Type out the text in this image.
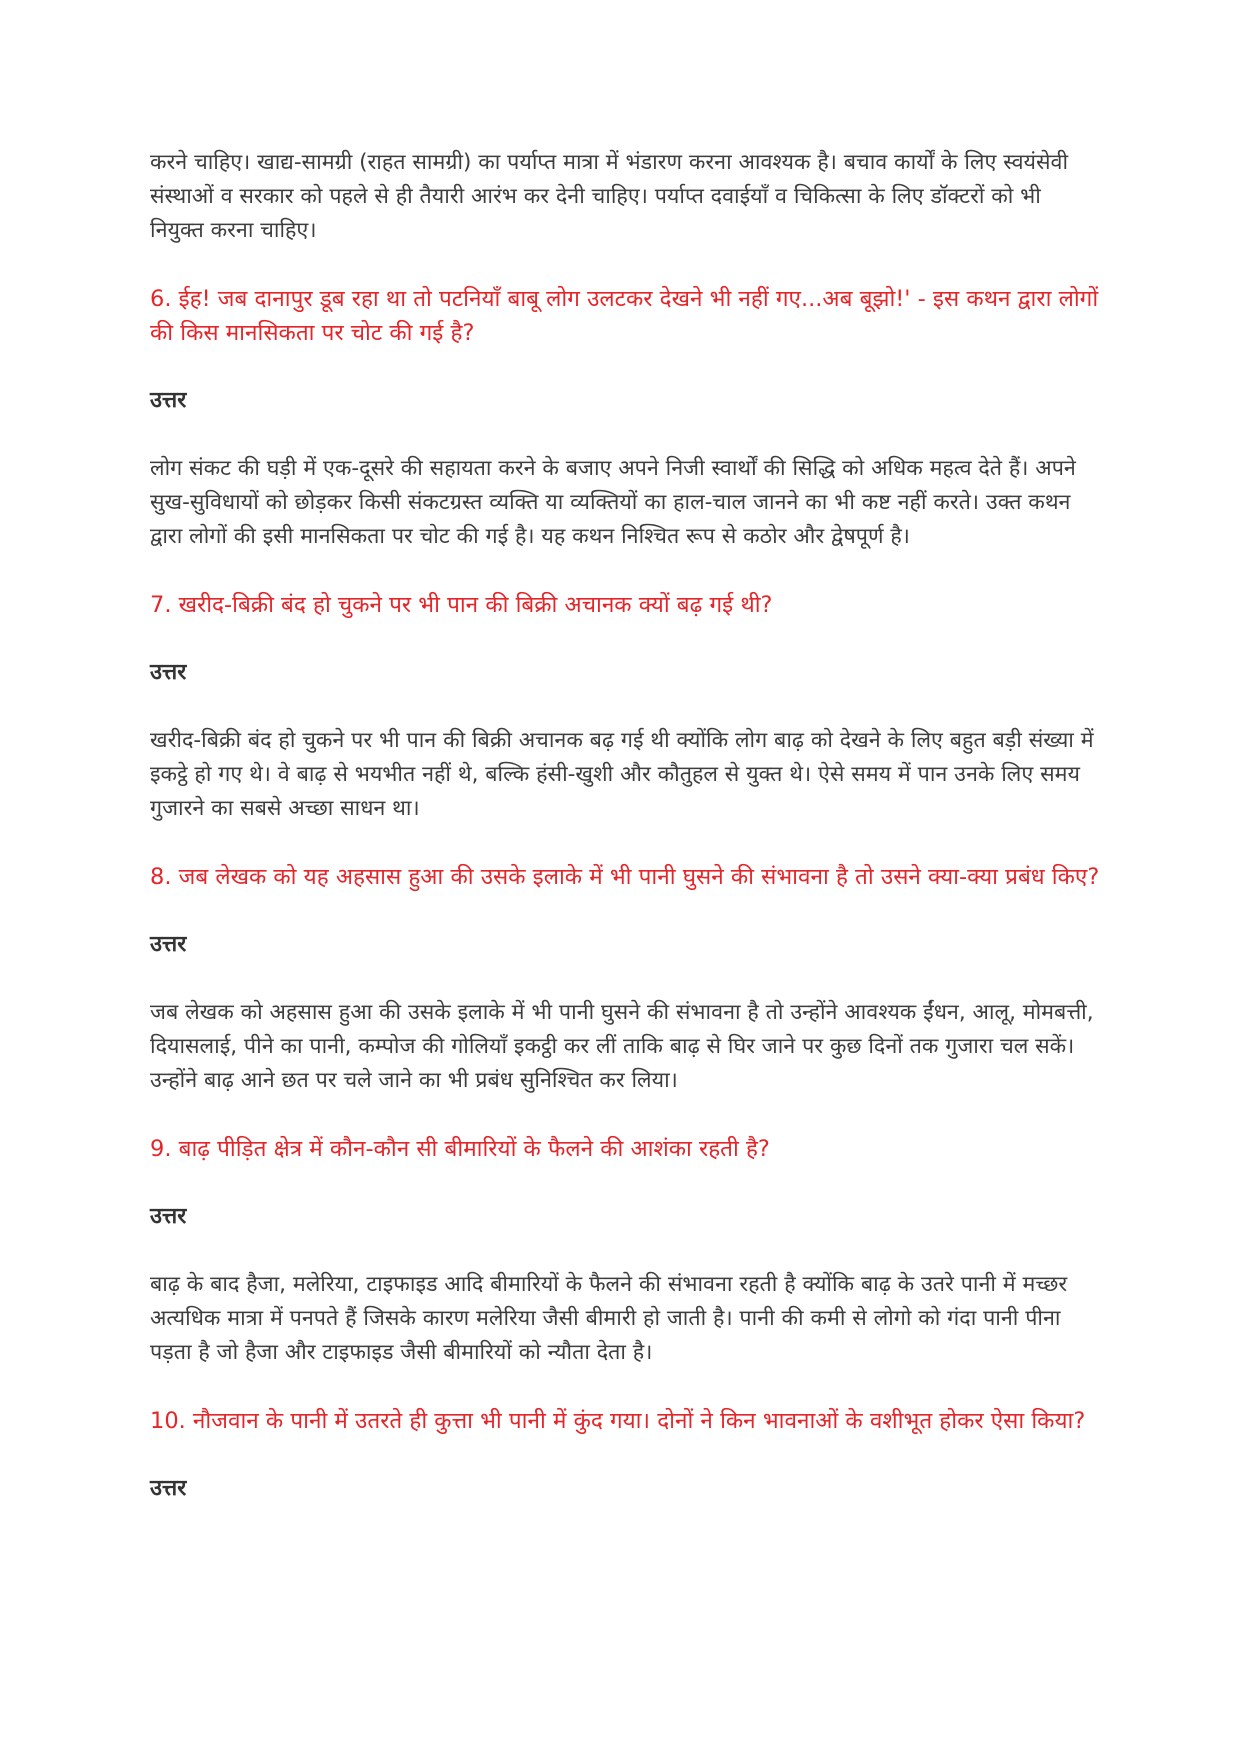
करने चाहिए। खाद्य-सामग्री (राहत सामग्री) का पर्याप्त मात्रा में भंडारण करना आवश्यक है। बचाव कार्यों के लिए स्वयंसेवी संस्थाओं व सरकार को पहले से ही तैयारी आरंभ कर देनी चाहिए। पर्याप्त दवाईयाँ व चिकित्सा के लिए डॉक्टरों को भी नियुक्त करना चाहिए।

6. ईह! जब दानापुर डूब रहा था तो पटनियाँ बाबू लोग उलटकर देखने भी नहीं गए...अब बूझो!' - इस कथन द्वारा लोगों की किस मानसिकता पर चोट की गई है?

उत्तर

लोग संकट की घड़ी में एक-दूसरे की सहायता करने के बजाए अपने निजी स्वार्थों की सिद्धि को अधिक महत्व देते हैं। अपने सुख-सुविधायों को छोड़कर किसी संकटग्रस्त व्यक्ति या व्यक्तियों का हाल-चाल जानने का भी कष्ट नहीं करते। उक्त कथन द्वारा लोगों की इसी मानसिकता पर चोट की गई है। यह कथन निश्चित रूप से कठोर और द्वेषपूर्ण है।

7. खरीद-बिक्री बंद हो चुकने पर भी पान की बिक्री अचानक क्यों बढ़ गई थी?

उत्तर

खरीद-बिक्री बंद हो चुकने पर भी पान की बिक्री अचानक बढ़ गई थी क्योंकि लोग बाढ़ को देखने के लिए बहुत बड़ी संख्या में इकट्ठे हो गए थे। वे बाढ़ से भयभीत नहीं थे, बल्कि हंसी-खुशी और कौतुहल से युक्त थे। ऐसे समय में पान उनके लिए समय गुजारने का सबसे अच्छा साधन था।

8. जब लेखक को यह अहसास हुआ की उसके इलाके में भी पानी घुसने की संभावना है तो उसने क्या-क्या प्रबंध किए?

उत्तर

जब लेखक को अहसास हुआ की उसके इलाके में भी पानी घुसने की संभावना है तो उन्होंने आवश्यक ईंधन, आलू, मोमबत्ती, दियासलाई, पीने का पानी, कम्पोज की गोलियाँ इकट्ठी कर लीं ताकि बाढ़ से घिर जाने पर कुछ दिनों तक गुजारा चल सकें। उन्होंने बाढ़ आने छत पर चले जाने का भी प्रबंध सुनिश्चित कर लिया।

9. बाढ़ पीड़ित क्षेत्र में कौन-कौन सी बीमारियों के फैलने की आशंका रहती है?

उत्तर

बाढ़ के बाद हैजा, मलेरिया, टाइफाइड आदि बीमारियों के फैलने की संभावना रहती है क्योंकि बाढ़ के उतरे पानी में मच्छर अत्यधिक मात्रा में पनपते हैं जिसके कारण मलेरिया जैसी बीमारी हो जाती है। पानी की कमी से लोगो को गंदा पानी पीना पड़ता है जो हैजा और टाइफाइड जैसी बीमारियों को न्यौता देता है।

10. नौजवान के पानी में उतरते ही कुत्ता भी पानी में कुंद गया। दोनों ने किन भावनाओं के वशीभूत होकर ऐसा किया?

उत्तर
